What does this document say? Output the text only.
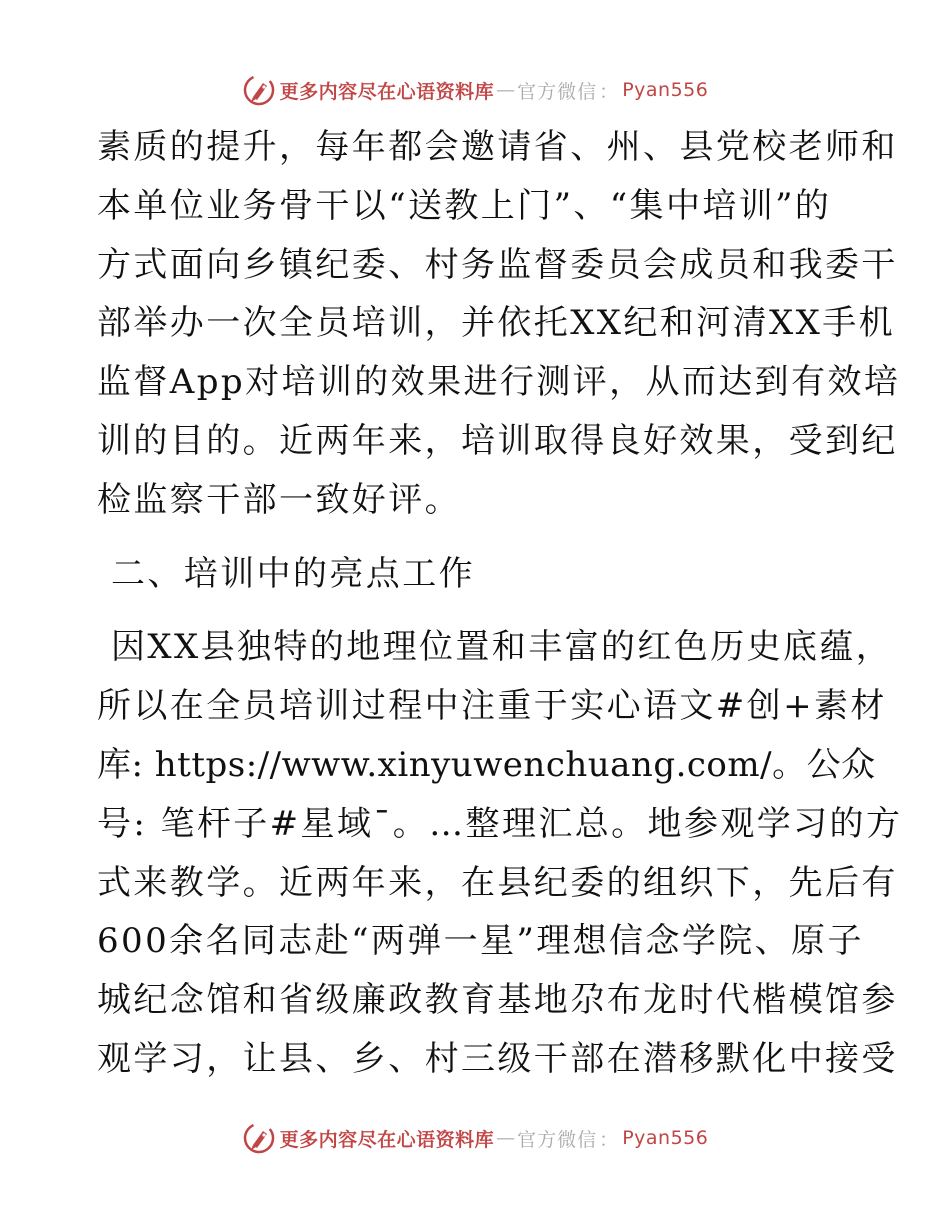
更多内容尽在心语资料库 — 官方微信 ： Pyan556
素质的提升，每年都会邀请省、州、县党校老师和
本单位业务骨干以“送教上门”、“集中培训”的
方式面向乡镇纪委、村务监督委员会成员和我委干
部举办一次全员培训，并依托XX纪和河清XX手机
监督App对培训的效果进行测评，从而达到有效培
训的目的。近两年来，培训取得良好效果，受到纪
检监察干部一致好评。
二、培训中的亮点工作
因XX县独特的地理位置和丰富的红色历史底蕴，
所以在全员培训过程中注重于实心语文#创+素材
库: https://www.xinyuwenchuang.com/。公众
号: 笔杆子#星域¯。…整理汇总。地参观学习的方
式来教学。近两年来，在县纪委的组织下，先后有
600余名同志赴“两弹一星”理想信念学院、原子
城纪念馆和省级廉政教育基地尕布龙时代楷模馆参
观学习，让县、乡、村三级干部在潜移默化中接受
更多内容尽在心语资料库 — 官方微信 ： Pyan556
